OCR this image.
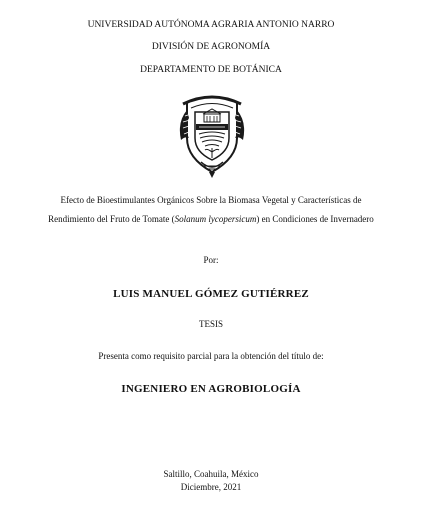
UNIVERSIDAD AUTÓNOMA AGRARIA ANTONIO NARRO
DIVISIÓN DE AGRONOMÍA
DEPARTAMENTO DE BOTÁNICA
Efecto de Bioestimulantes Orgánicos Sobre la Biomasa Vegetal y Características de
Rendimiento del Fruto de Tomate (Solanum lycopersicum) en Condiciones de Invernadero
Por:
LUIS MANUEL GÓMEZ GUTIÉRREZ
TESIS
Presenta como requisito parcial para la obtención del título de:
INGENIERO EN AGROBIOLOGÍA
Saltillo, Coahuila, México
Diciembre, 2021
